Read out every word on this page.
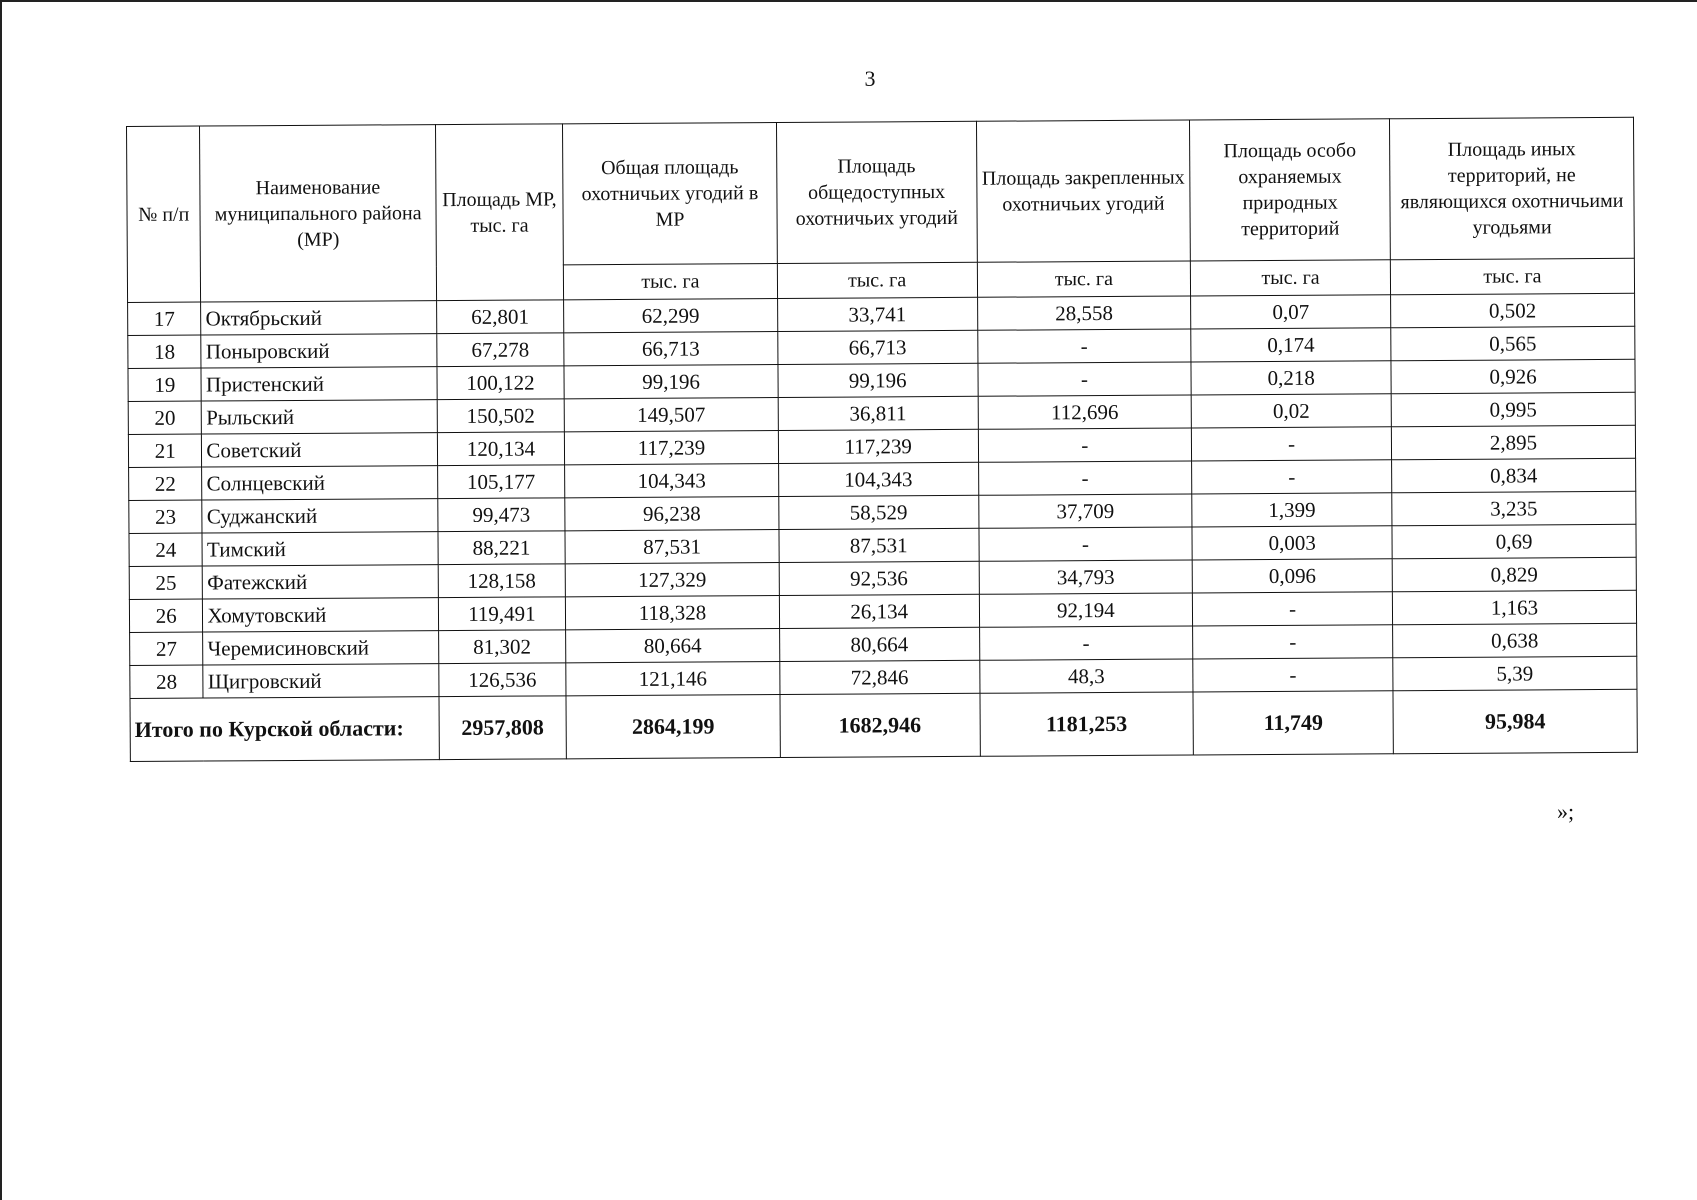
3
№ п/п	Наименование муниципального района (МР)	Площадь МР, тыс. га	Общая площадь охотничьих угодий в МР	Площадь общедоступных охотничьих угодий	Площадь закрепленных охотничьих угодий	Площадь особо охраняемых природных территорий	Площадь иных территорий, не являющихся охотничьими угодьями
			тыс. га	тыс. га	тыс. га	тыс. га	тыс. га
17	Октябрьский	62,801	62,299	33,741	28,558	0,07	0,502
18	Поныровский	67,278	66,713	66,713	-	0,174	0,565
19	Пристенский	100,122	99,196	99,196	-	0,218	0,926
20	Рыльский	150,502	149,507	36,811	112,696	0,02	0,995
21	Советский	120,134	117,239	117,239	-	-	2,895
22	Солнцевский	105,177	104,343	104,343	-	-	0,834
23	Суджанский	99,473	96,238	58,529	37,709	1,399	3,235
24	Тимский	88,221	87,531	87,531	-	0,003	0,69
25	Фатежский	128,158	127,329	92,536	34,793	0,096	0,829
26	Хомутовский	119,491	118,328	26,134	92,194	-	1,163
27	Черемисиновский	81,302	80,664	80,664	-	-	0,638
28	Щигровский	126,536	121,146	72,846	48,3	-	5,39
Итого по Курской области:		2957,808	2864,199	1682,946	1181,253	11,749	95,984
»;
